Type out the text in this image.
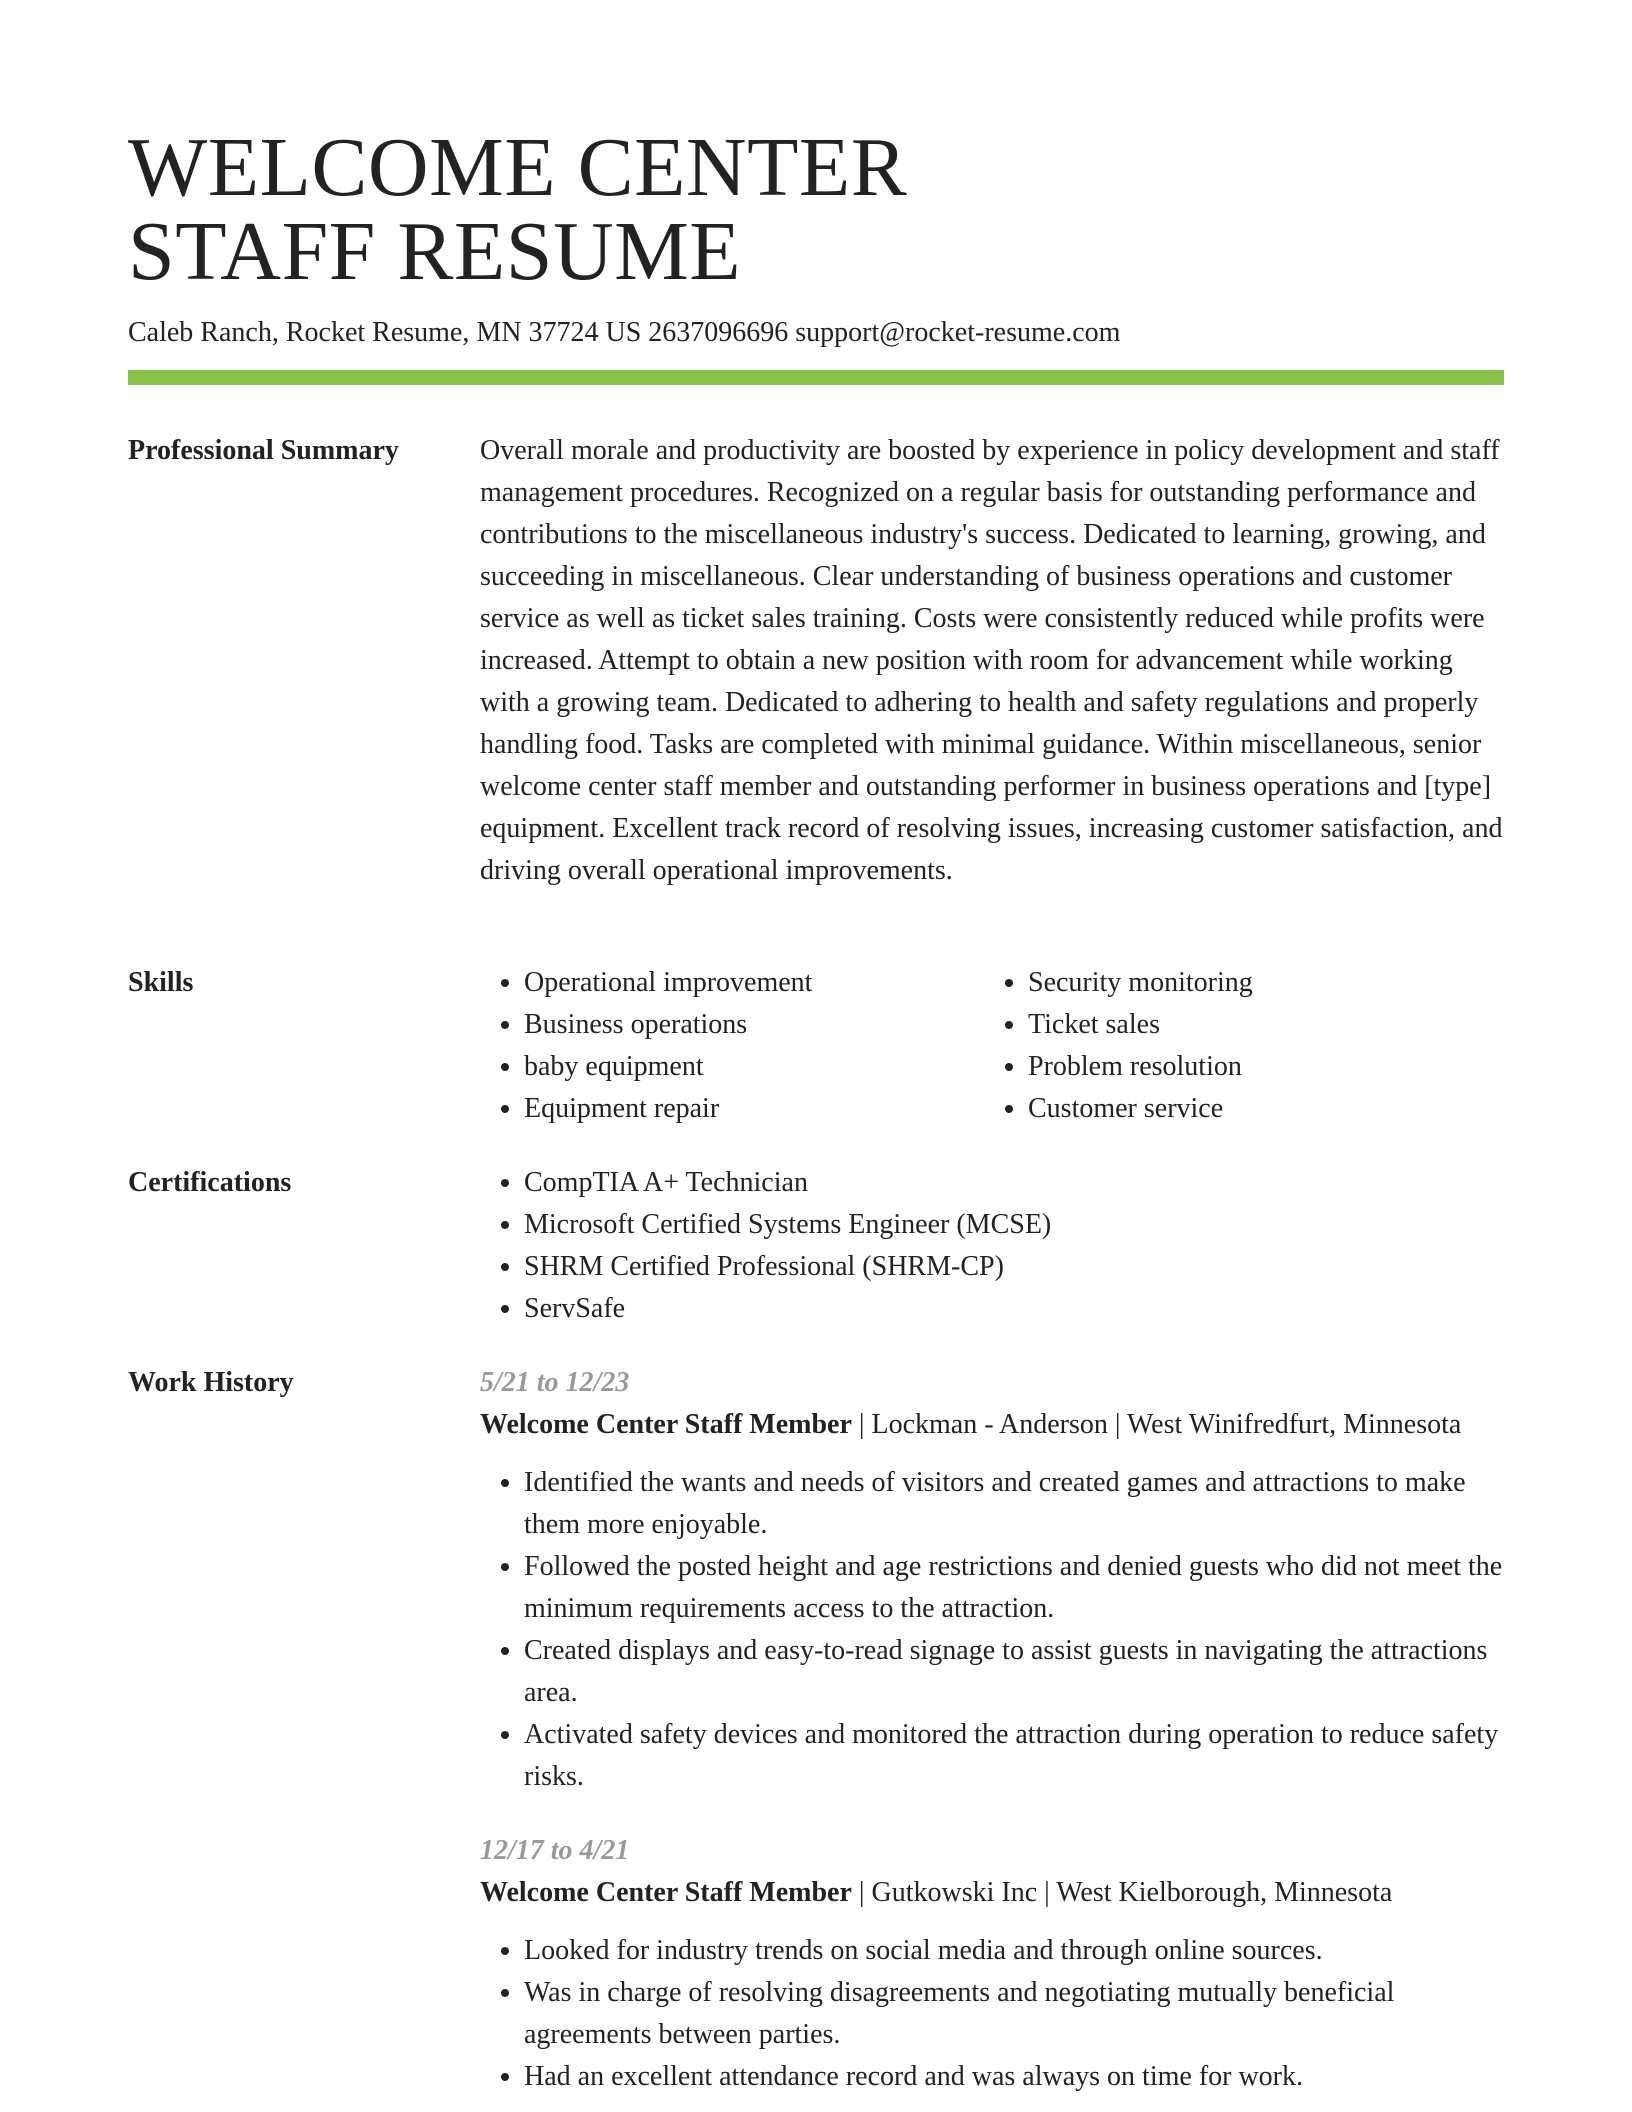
WELCOME CENTER
STAFF RESUME
Caleb Ranch, Rocket Resume, MN 37724 US 2637096696 support@rocket-resume.com
Professional Summary	Overall morale and productivity are boosted by experience in policy development and staff management procedures. Recognized on a regular basis for outstanding performance and contributions to the miscellaneous industry's success. Dedicated to learning, growing, and succeeding in miscellaneous. Clear understanding of business operations and customer service as well as ticket sales training. Costs were consistently reduced while profits were increased. Attempt to obtain a new position with room for advancement while working with a growing team. Dedicated to adhering to health and safety regulations and properly handling food. Tasks are completed with minimal guidance. Within miscellaneous, senior welcome center staff member and outstanding performer in business operations and [type] equipment. Excellent track record of resolving issues, increasing customer satisfaction, and driving overall operational improvements.

Skills	• Operational improvement
• Business operations
• baby equipment
• Equipment repair
• Security monitoring
• Ticket sales
• Problem resolution
• Customer service
Certifications	• CompTIA A+ Technician
• Microsoft Certified Systems Engineer (MCSE)
• SHRM Certified Professional (SHRM-CP)
• ServSafe
Work History	5/21 to 12/23
Welcome Center Staff Member | Lockman - Anderson | West Winifredfurt, Minnesota
• Identified the wants and needs of visitors and created games and attractions to make them more enjoyable.
• Followed the posted height and age restrictions and denied guests who did not meet the minimum requirements access to the attraction.
• Created displays and easy-to-read signage to assist guests in navigating the attractions area.
• Activated safety devices and monitored the attraction during operation to reduce safety risks.
12/17 to 4/21
Welcome Center Staff Member | Gutkowski Inc | West Kielborough, Minnesota
• Looked for industry trends on social media and through online sources.
• Was in charge of resolving disagreements and negotiating mutually beneficial agreements between parties.
• Had an excellent attendance record and was always on time for work.
